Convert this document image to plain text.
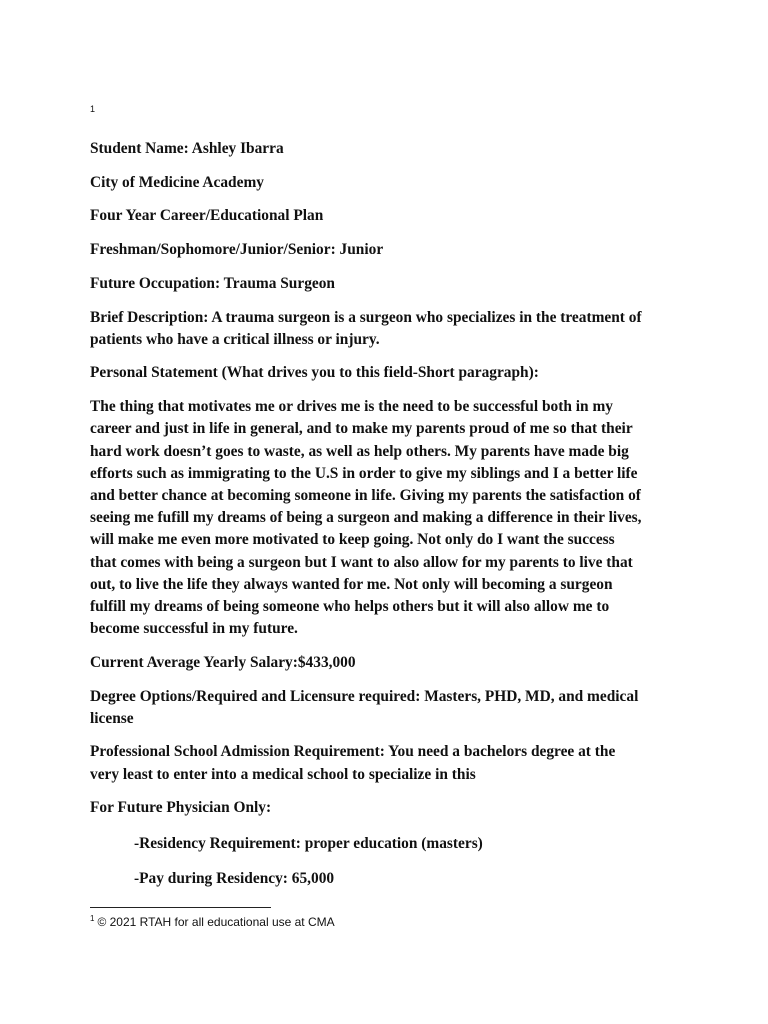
1

Student Name: Ashley Ibarra

City of Medicine Academy

Four Year Career/Educational Plan

Freshman/Sophomore/Junior/Senior: Junior

Future Occupation: Trauma Surgeon

Brief Description: A trauma surgeon is a surgeon who specializes in the treatment of
patients who have a critical illness or injury.

Personal Statement (What drives you to this field-Short paragraph):

The thing that motivates me or drives me is the need to be successful both in my
career and just in life in general, and to make my parents proud of me so that their
hard work doesn’t goes to waste, as well as help others. My parents have made big
efforts such as immigrating to the U.S in order to give my siblings and I a better life
and better chance at becoming someone in life. Giving my parents the satisfaction of
seeing me fufill my dreams of being a surgeon and making a difference in their lives,
will make me even more motivated to keep going. Not only do I want the success
that comes with being a surgeon but I want to also allow for my parents to live that
out, to live the life they always wanted for me. Not only will becoming a surgeon
fulfill my dreams of being someone who helps others but it will also allow me to
become successful in my future.

Current Average Yearly Salary:$433,000

Degree Options/Required and Licensure required: Masters, PHD, MD, and medical
license

Professional School Admission Requirement: You need a bachelors degree at the
very least to enter into a medical school to specialize in this

For Future Physician Only:

-Residency Requirement: proper education (masters)

-Pay during Residency: 65,000

$^1$ © 2021 RTAH for all educational use at CMA
